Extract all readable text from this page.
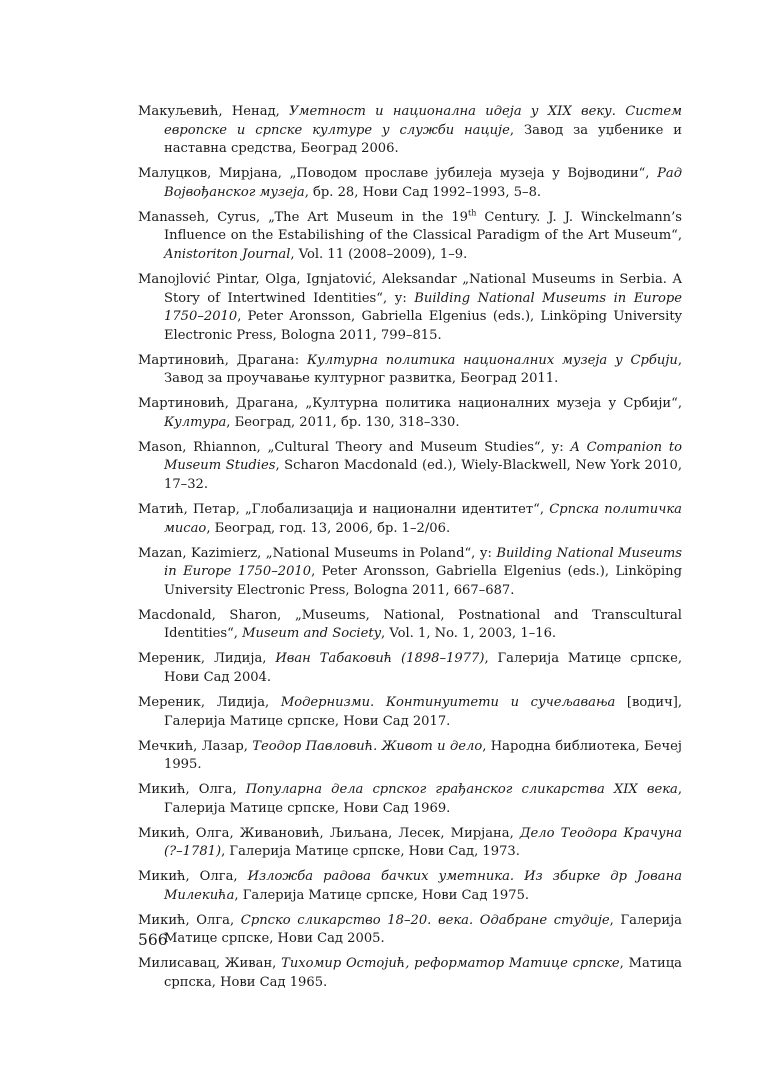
Макуљевић, Ненад, Уметност и национална идеја у XIX веку. Систем европске и српске културе у служби нације, Завод за уџбенике и наставна средства, Београд 2006.

Малуцков, Мирјана, „Поводом прославе јубилеја музеја у Војводини“, Рад Војвођанског музеја, бр. 28, Нови Сад 1992–1993, 5–8.

Manasseh, Cyrus, „The Art Museum in the 19th Century. J. J. Winckelmann’s Influence on the Estabilishing of the Classical Paradigm of the Art Museum“, Anistoriton Journal, Vol. 11 (2008–2009), 1–9.

Manojlović Pintar, Olga, Ignjatović, Aleksandar „National Museums in Serbia. A Story of Intertwined Identities“, у: Building National Museums in Europe 1750–2010, Peter Aronsson, Gabriella Elgenius (eds.), Linköping University Electronic Press, Bologna 2011, 799–815.

Мартиновић, Драгана: Културна политика националних музеја у Србији, Завод за проучавање културног развитка, Београд 2011.

Мартиновић, Драгана, „Културна политика националних музеја у Србији“, Култура, Београд, 2011, бр. 130, 318–330.

Mason, Rhiannon, „Cultural Theory and Museum Studies“, у: A Companion to Museum Studies, Scharon Macdonald (ed.), Wiely-Blackwell, New York 2010, 17–32.

Матић, Петар, „Глобализација и национални идентитет“, Српска политичка мисао, Београд, год. 13, 2006, бр. 1–2/06.

Mazan, Kazimierz, „National Museums in Poland“, у: Building National Museums in Europe 1750–2010, Peter Aronsson, Gabriella Elgenius (eds.), Linköping University Electronic Press, Bologna 2011, 667–687.

Macdonald, Sharon, „Museums, National, Postnational and Transcultural Identities“, Museum and Society, Vol. 1, No. 1, 2003, 1–16.

Мереник, Лидија, Иван Табаковић (1898–1977), Галерија Матице српске, Нови Сад 2004.

Мереник, Лидија, Модернизми. Континуитети и сучељавања [водич], Галерија Матице српске, Нови Сад 2017.

Мечкић, Лазар, Теодор Павловић. Живот и дело, Народна библиотека, Бечеј 1995.

Микић, Олга, Популарна дела српског грађанског сликарства XIX века, Галерија Матице српске, Нови Сад 1969.

Микић, Олга, Живановић, Љиљана, Лесек, Мирјана, Дело Теодора Крачуна (?–1781), Галерија Матице српске, Нови Сад, 1973.

Микић, Олга, Изложба радова бачких уметника. Из збирке др Јована Милекића, Галерија Матице српске, Нови Сад 1975.

Микић, Олга, Српско сликарство 18–20. века. Одабране студије, Галерија Матице српске, Нови Сад 2005.

Милисавац, Живан, Тихомир Остојић, реформатор Матице српске, Матица српска, Нови Сад 1965.

566
